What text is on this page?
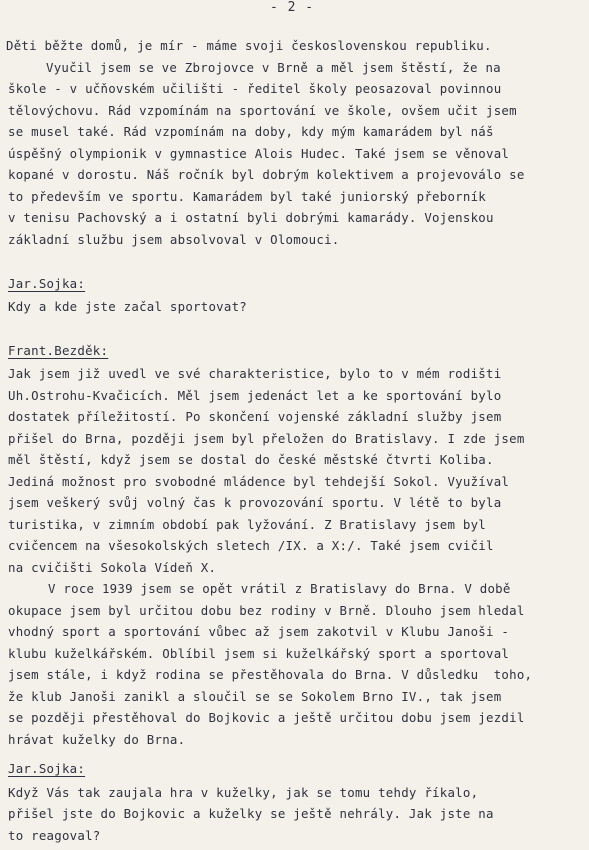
- 2 -
Děti běžte domů, je mír - máme svoji československou republiku.
Vyučil jsem se ve Zbrojovce v Brně a měl jsem štěstí, že na
škole - v učňovském učilišti - ředitel školy peosazoval povinnou
tělovýchovu. Rád vzpomínám na sportování ve škole, ovšem učit jsem
se musel také. Rád vzpomínám na doby, kdy mým kamarádem byl náš
úspěšný olympionik v gymnastice Alois Hudec. Také jsem se věnoval
kopané v dorostu. Náš ročník byl dobrým kolektivem a projevoválo se
to především ve sportu. Kamarádem byl také juniorský přeborník
v tenisu Pachovský a i ostatní byli dobrými kamarády. Vojenskou
základní službu jsem absolvoval v Olomouci.
Jar.Sojka:
Kdy a kde jste začal sportovat?
Frant.Bezděk:
Jak jsem již uvedl ve své charakteristice, bylo to v mém rodišti
Uh.Ostrohu-Kvačicích. Měl jsem jedenáct let a ke sportování bylo
dostatek příležitostí. Po skončení vojenské základní služby jsem
přišel do Brna, později jsem byl přeložen do Bratislavy. I zde jsem
měl štěstí, když jsem se dostal do české městské čtvrti Koliba.
Jediná možnost pro svobodné mládence byl tehdejší Sokol. Využíval
jsem veškerý svůj volný čas k provozování sportu. V létě to byla
turistika, v zimním období pak lyžování. Z Bratislavy jsem byl
cvičencem na všesokolských sletech /IX. a X:/. Také jsem cvičil
na cvičišti Sokola Vídeň X.
V roce 1939 jsem se opět vrátil z Bratislavy do Brna. V době
okupace jsem byl určitou dobu bez rodiny v Brně. Dlouho jsem hledal
vhodný sport a sportování vůbec až jsem zakotvil v Klubu Janoši -
klubu kuželkářském. Oblíbil jsem si kuželkářský sport a sportoval
jsem stále, i když rodina se přestěhovala do Brna. V důsledku  toho,
že klub Janoši zanikl a sloučil se se Sokolem Brno IV., tak jsem
se později přestěhoval do Bojkovic a ještě určitou dobu jsem jezdil
hrávat kuželky do Brna.
Jar.Sojka:
Když Vás tak zaujala hra v kuželky, jak se tomu tehdy říkalo,
přišel jste do Bojkovic a kuželky se ještě nehrály. Jak jste na
to reagoval?
